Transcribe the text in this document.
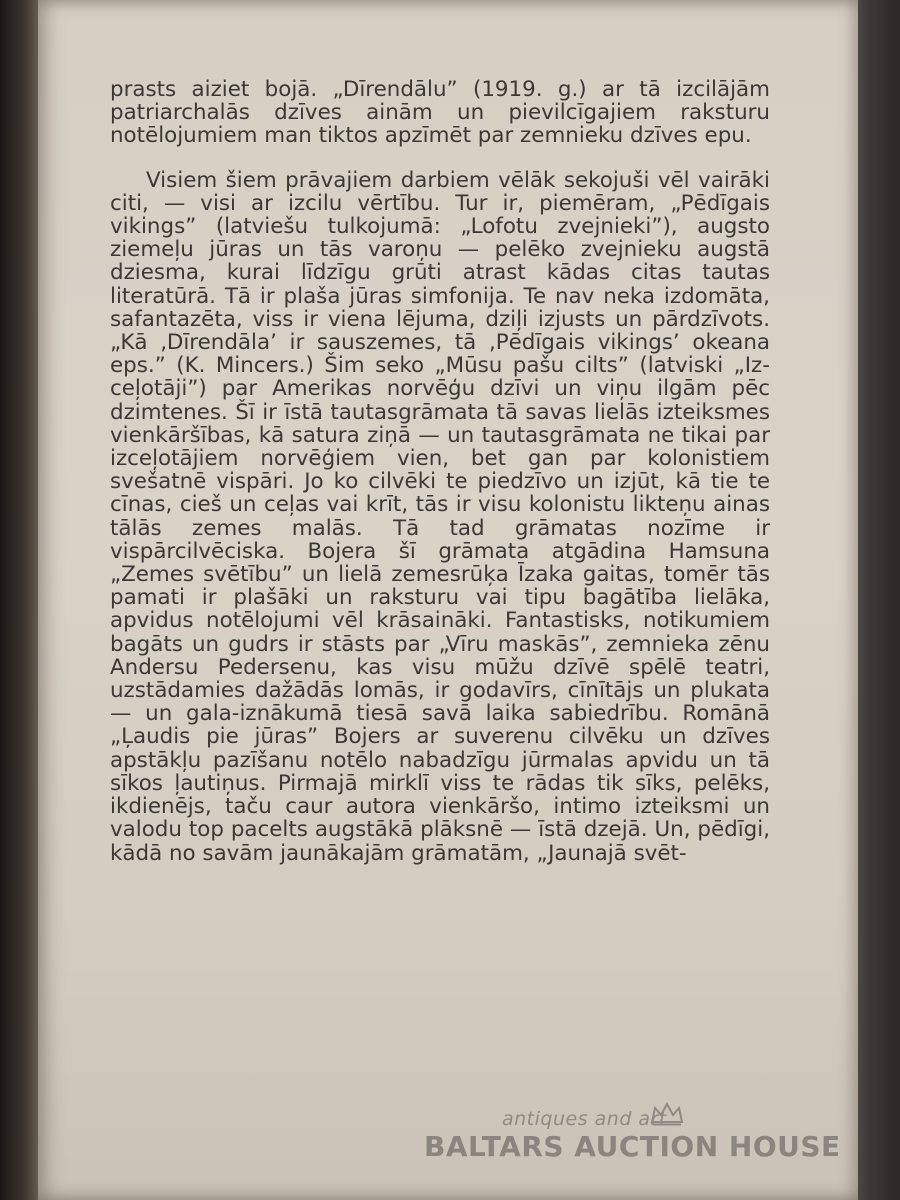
prasts aiziet bojā. „Dīrendālu” (1919. g.) ar tā izcilājām patriarchalās dzīves ainām un pievilcīgajiem raksturu notēlojumiem man tiktos apzīmēt par zemnieku dzīves epu.

Visiem šiem prāvajiem darbiem vēlāk sekojuši vēl vairāki citi, — visi ar izcilu vērtību. Tur ir, piemēram, „Pēdīgais vikings” (latviešu tulkojumā: „Lofotu zvejnieki”), augsto ziemeļu jūras un tās varoņu — pelēko zvejnieku augstā dziesma, kurai līdzīgu grūti atrast kādas citas tautas literatūrā. Tā ir plaša jūras simfonija. Te nav neka izdomāta, safantazēta, viss ir viena lējuma, dziļi izjusts un pārdzīvots. „Kā ‚Dīrendāla’ ir sauszemes, tā ‚Pēdīgais vikings’ okeana eps.” (K. Mincers.) Šim seko „Mūsu pašu cilts” (latviski „Izceļotāji”) par Amerikas norvēģu dzīvi un viņu ilgām pēc dzimtenes. Šī ir īstā tautasgrāmata tā savas lielās izteiksmes vienkāršības, kā satura ziņā — un tautasgrāmata ne tikai par izceļotājiem norvēģiem vien, bet gan par kolonistiem svešatnē vispāri. Jo ko cilvēki te piedzīvo un izjūt, kā tie te cīnas, cieš un ceļas vai krīt, tās ir visu kolonistu likteņu ainas tālās zemes malās. Tā tad grāmatas nozīme ir vispārcilvēciska. Bojera šī grāmata atgādina Hamsuna „Zemes svētību” un lielā zemesrūķa Īzaka gaitas, tomēr tās pamati ir plašāki un raksturu vai tipu bagātība lielāka, apvidus notēlojumi vēl krāsaināki. Fantastisks, notikumiem bagāts un gudrs ir stāsts par „Vīru maskās”, zemnieka zēnu Andersu Pedersenu, kas visu mūžu dzīvē spēlē teatri, uzstādamies dažādās lomās, ir godavīrs, cīnītājs un plukata — un gala-iznākumā tiesā savā laika sabiedrību. Romānā „Ļaudis pie jūras” Bojers ar suverenu cilvēku un dzīves apstākļu pazīšanu notēlo nabadzīgu jūrmalas apvidu un tā sīkos ļautiņus. Pirmajā mirklī viss te rādas tik sīks, pelēks, ikdienējs, taču caur autora vienkāršo, intimo izteiksmi un valodu top pacelts augstākā plāksnē — īstā dzejā. Un, pēdīgi, kādā no savām jaunākajām grāmatām, „Jaunajā svēt-

antiques and art
BALTARS AUCTION HOUSE
